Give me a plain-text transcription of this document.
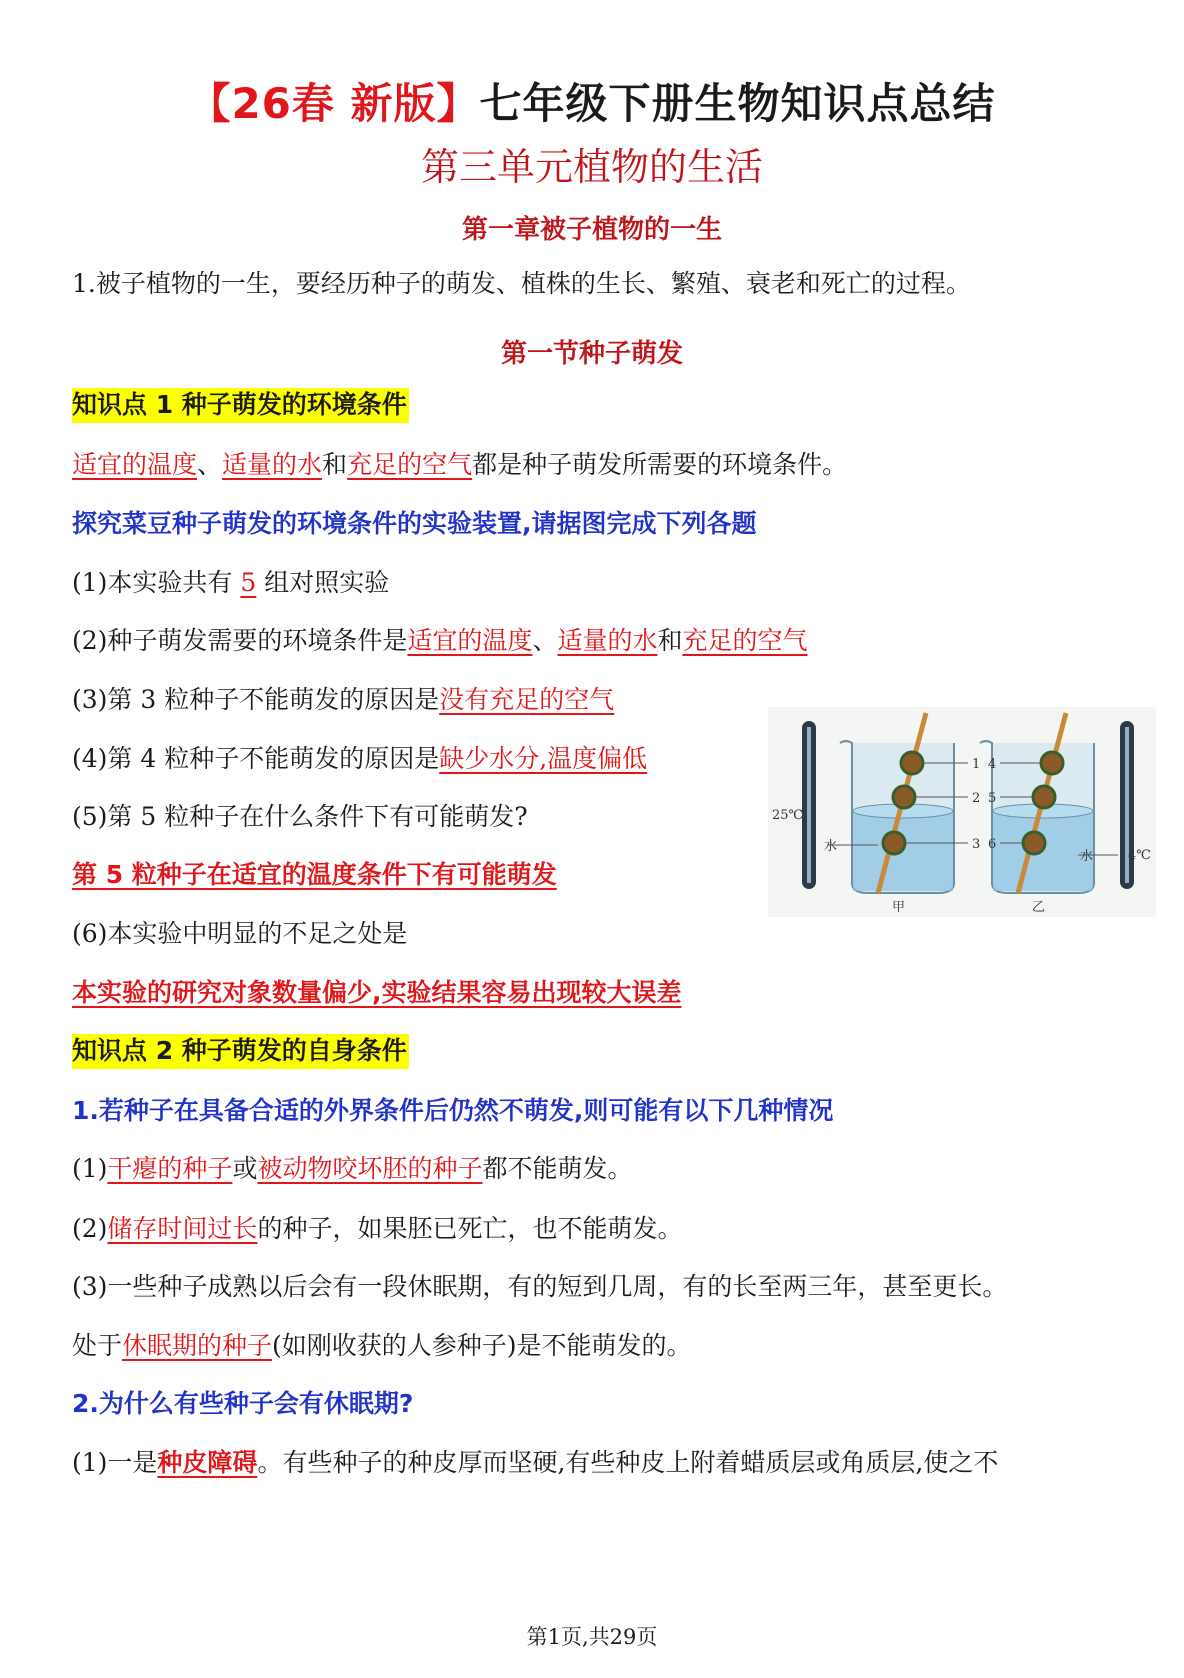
【26春 新版】七年级下册生物知识点总结
第三单元植物的生活
第一章被子植物的一生
1.被子植物的一生，要经历种子的萌发、植株的生长、繁殖、衰老和死亡的过程。
第一节种子萌发
知识点 1 种子萌发的环境条件
适宜的温度、适量的水和充足的空气都是种子萌发所需要的环境条件。
探究菜豆种子萌发的环境条件的实验装置,请据图完成下列各题
(1)本实验共有 5 组对照实验
(2)种子萌发需要的环境条件是适宜的温度、适量的水和充足的空气
(3)第 3 粒种子不能萌发的原因是没有充足的空气
(4)第 4 粒种子不能萌发的原因是缺少水分,温度偏低
(5)第 5 粒种子在什么条件下有可能萌发?
第 5 粒种子在适宜的温度条件下有可能萌发
(6)本实验中明显的不足之处是
本实验的研究对象数量偏少,实验结果容易出现较大误差
1
2
3
4
5
6
25℃
4℃
水
水
甲	乙
知识点 2 种子萌发的自身条件
1.若种子在具备合适的外界条件后仍然不萌发,则可能有以下几种情况
(1)干瘪的种子或被动物咬坏胚的种子都不能萌发。
(2)储存时间过长的种子，如果胚已死亡，也不能萌发。
(3)一些种子成熟以后会有一段休眠期，有的短到几周，有的长至两三年，甚至更长。
处于休眠期的种子(如刚收获的人参种子)是不能萌发的。
2.为什么有些种子会有休眠期?
(1)一是种皮障碍。有些种子的种皮厚而坚硬,有些种皮上附着蜡质层或角质层,使之不
第1页,共29页
